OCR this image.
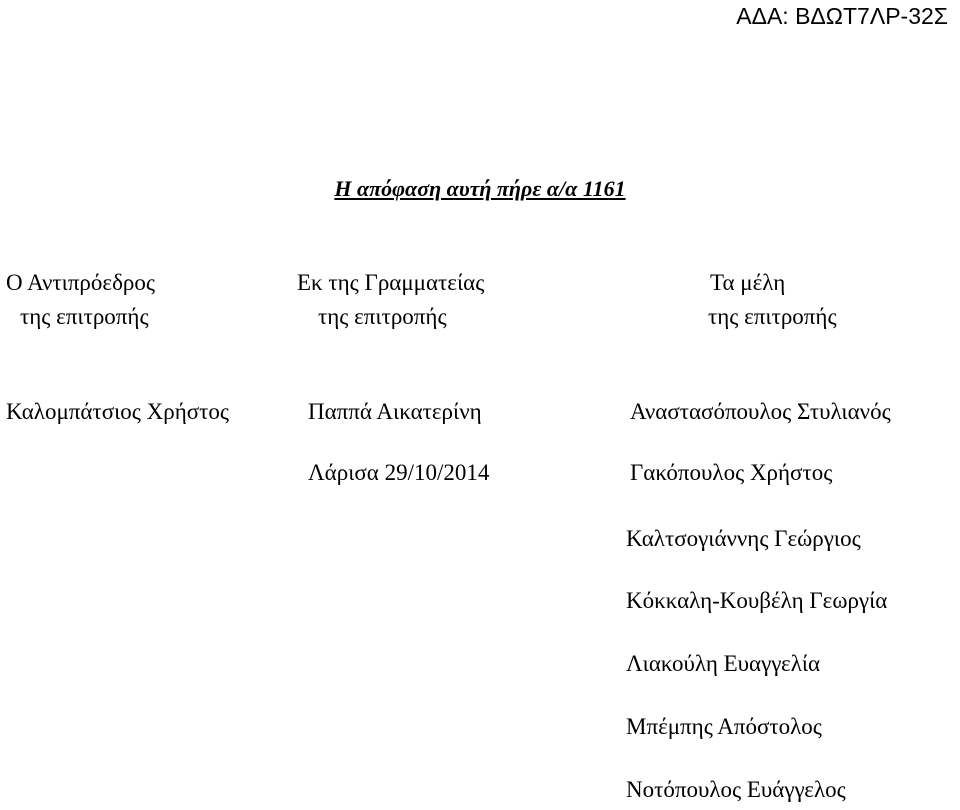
ΑΔΑ: ΒΔΩΤ7ΛΡ-32Σ
Η απόφαση αυτή πήρε α/α 1161
Ο Αντιπρόεδρος
της επιτροπής
Καλομπάτσιος Χρήστος
Εκ της Γραμματείας
της επιτροπής
Παππά Αικατερίνη
Λάρισα 29/10/2014
Τα μέλη
της επιτροπής
Αναστασόπουλος Στυλιανός
Γακόπουλος Χρήστος
Καλτσογιάννης Γεώργιος
Κόκκαλη-Κουβέλη Γεωργία
Λιακούλη Ευαγγελία
Μπέμπης Απόστολος
Νοτόπουλος Ευάγγελος
